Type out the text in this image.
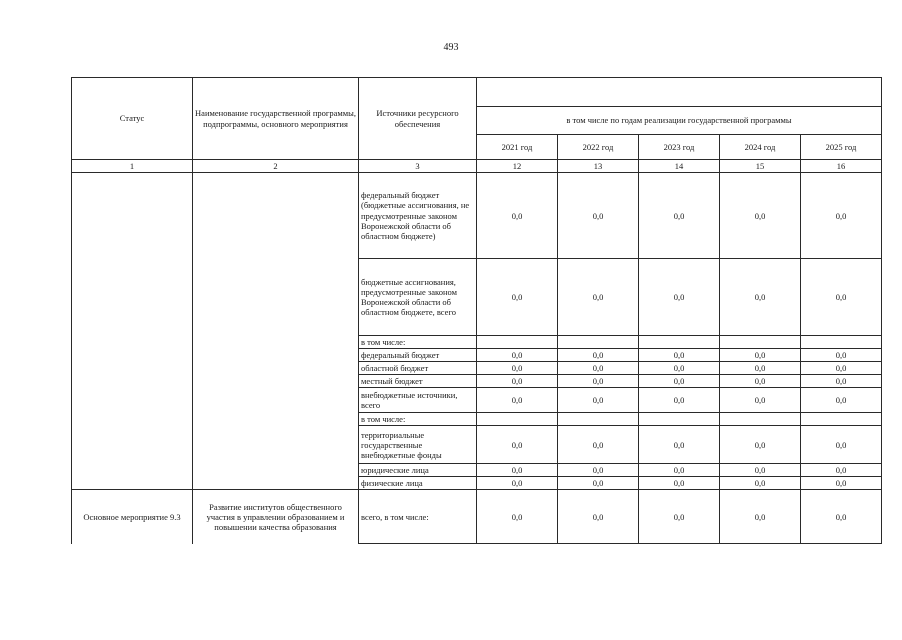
493
Статус	Наименование государственной программы, подпрограммы, основного мероприятия	Источники ресурсного обеспечения					
			в том числе по годам реализации государственной программы				
			2021 год	2022 год	2023 год	2024 год	2025 год
1	2	3	12	13	14	15	16
		федеральный бюджет (бюджетные ассигнования, не предусмотренные законом Воронежской области об областном бюджете)	0,0	0,0	0,0	0,0	0,0
		бюджетные ассигнования, предусмотренные законом Воронежской области об областном бюджете, всего	0,0	0,0	0,0	0,0	0,0
		в том числе:					
		федеральный бюджет	0,0	0,0	0,0	0,0	0,0
		областной бюджет	0,0	0,0	0,0	0,0	0,0
		местный бюджет	0,0	0,0	0,0	0,0	0,0
		внебюджетные источники, всего	0,0	0,0	0,0	0,0	0,0
		в том числе:					
		территориальные государственные внебюджетные фонды	0,0	0,0	0,0	0,0	0,0
		юридические лица	0,0	0,0	0,0	0,0	0,0
		физические лица	0,0	0,0	0,0	0,0	0,0
Основное мероприятие 9.3	Развитие институтов общественного участия в управлении образованием и повышении качества образования	всего, в том числе:	0,0	0,0	0,0	0,0	0,0
